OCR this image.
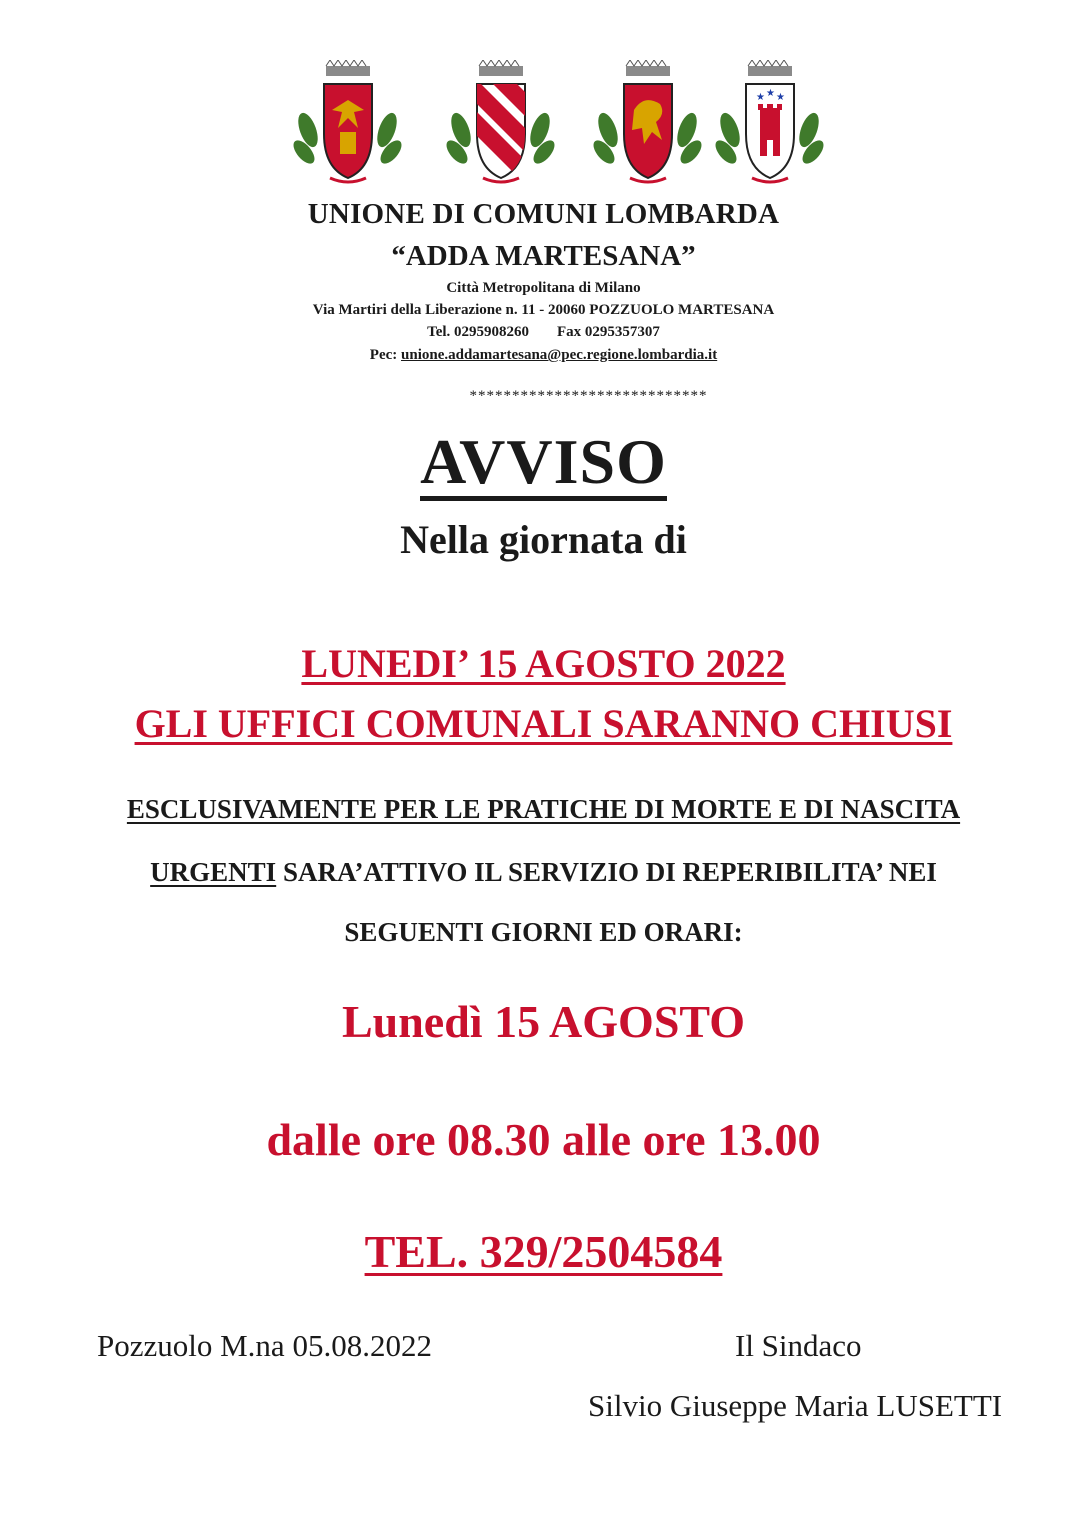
★ ★ ★
UNIONE DI COMUNI LOMBARDA
“ADDA MARTESANA”
Città Metropolitana di Milano
Via Martiri della Liberazione n. 11 - 20060 POZZUOLO MARTESANA
Tel. 0295908260 Fax 0295357307
Pec: unione.addamartesana@pec.regione.lombardia.it
****************************
AVVISO
Nella giornata di
LUNEDI’ 15 AGOSTO 2022
GLI UFFICI COMUNALI SARANNO CHIUSI
ESCLUSIVAMENTE PER LE PRATICHE DI MORTE E DI NASCITA
URGENTI SARA’ATTIVO IL SERVIZIO DI REPERIBILITA’ NEI
SEGUENTI GIORNI ED ORARI:
Lunedì 15 AGOSTO
dalle ore 08.30 alle ore 13.00
TEL. 329/2504584
Pozzuolo M.na 05.08.2022	Il Sindaco
Silvio Giuseppe Maria LUSETTI
